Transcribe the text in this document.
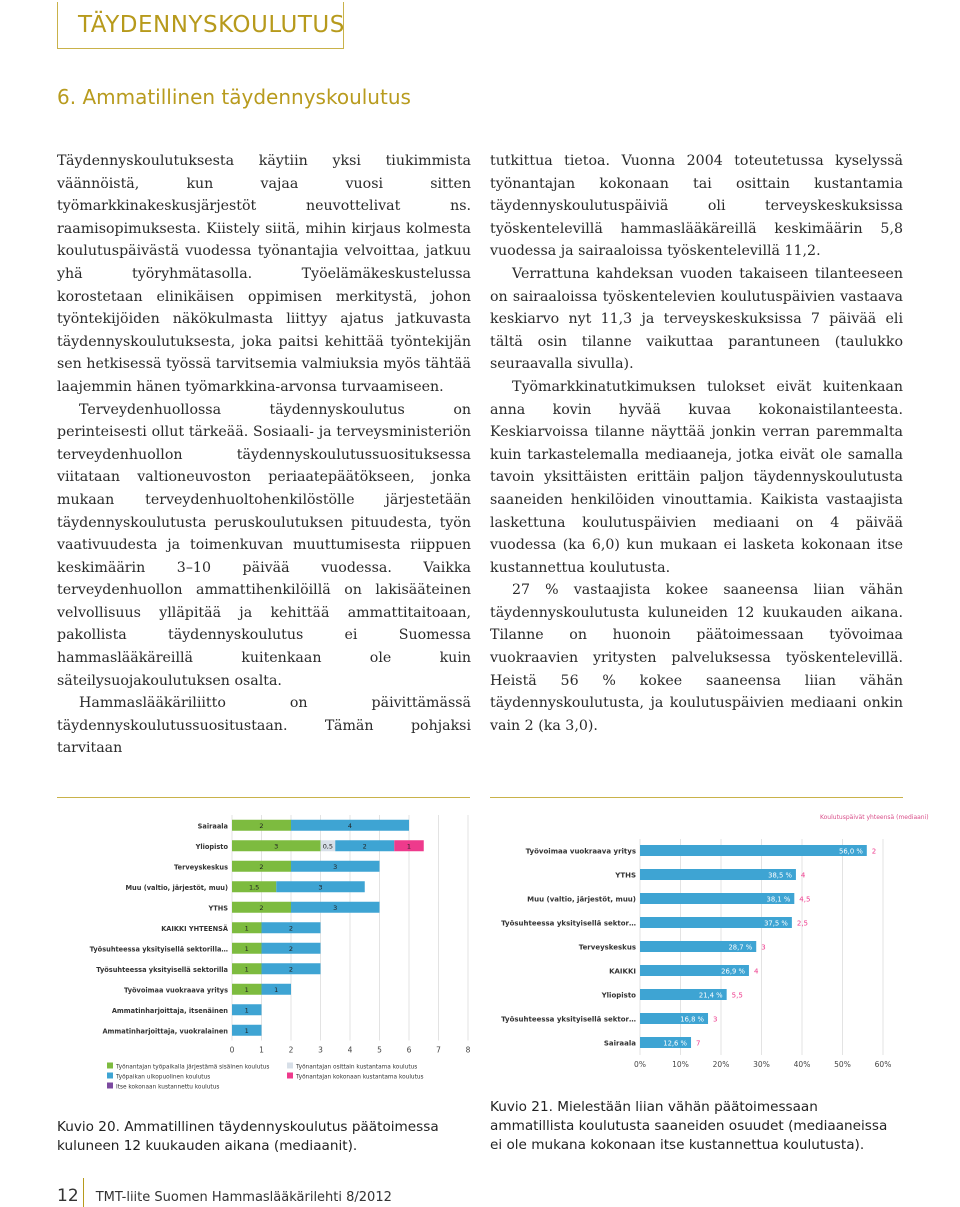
TÄYDENNYSKOULUTUS
6. Ammatillinen täydennyskoulutus

Täydennyskoulutuksesta käytiin yksi tiukimmista väännöistä, kun vajaa vuosi sitten työmarkkinakeskusjärjestöt neuvottelivat ns. raamisopimuksesta. Kiistely siitä, mihin kirjaus kolmesta koulutuspäivästä vuodessa työnantajia velvoittaa, jatkuu yhä työryhmätasolla. Työelämäkeskustelussa korostetaan elinikäisen oppimisen merkitystä, johon työntekijöiden näkökulmasta liittyy ajatus jatkuvasta täydennyskoulutuksesta, joka paitsi kehittää työntekijän sen hetkisessä työssä tarvitsemia valmiuksia myös tähtää laajemmin hänen työmarkkina-arvonsa turvaamiseen.

Terveydenhuollossa täydennyskoulutus on perinteisesti ollut tärkeää. Sosiaali- ja terveysministeriön terveydenhuollon täydennyskoulutussuosituksessa viitataan valtioneuvoston periaatepäätökseen, jonka mukaan terveydenhuoltohenkilöstölle järjestetään täydennyskoulutusta peruskoulutuksen pituudesta, työn vaativuudesta ja toimenkuvan muuttumisesta riippuen keskimäärin 3–10 päivää vuodessa. Vaikka terveydenhuollon ammattihenkilöillä on lakisääteinen velvollisuus ylläpitää ja kehittää ammattitaitoaan, pakollista täydennyskoulutus ei Suomessa hammaslääkäreillä kuitenkaan ole kuin säteilysuojakoulutuksen osalta.

Hammaslääkäriliitto on päivittämässä täydennyskoulutussuositustaan. Tämän pohjaksi tarvitaan

tutkittua tietoa. Vuonna 2004 toteutetussa kyselyssä työnantajan kokonaan tai osittain kustantamia täydennyskoulutuspäiviä oli terveyskeskuksissa työskentelevillä hammaslääkäreillä keskimäärin 5,8 vuodessa ja sairaaloissa työskentelevillä 11,2.

Verrattuna kahdeksan vuoden takaiseen tilanteeseen on sairaaloissa työskentelevien koulutuspäivien vastaava keskiarvo nyt 11,3 ja terveyskeskuksissa 7 päivää eli tältä osin tilanne vaikuttaa parantuneen (taulukko seuraavalla sivulla).

Työmarkkinatutkimuksen tulokset eivät kuitenkaan anna kovin hyvää kuvaa kokonaistilanteesta. Keskiarvoissa tilanne näyttää jonkin verran paremmalta kuin tarkastelemalla mediaaneja, jotka eivät ole samalla tavoin yksittäisten erittäin paljon täydennyskoulutusta saaneiden henkilöiden vinouttamia. Kaikista vastaajista laskettuna koulutuspäivien mediaani on 4 päivää vuodessa (ka 6,0) kun mukaan ei lasketa kokonaan itse kustannettua koulutusta.

27 % vastaajista kokee saaneensa liian vähän täydennyskoulutusta kuluneiden 12 kuukauden aikana. Tilanne on huonoin päätoimessaan työvoimaa vuokraavien yritysten palveluksessa työskentelevillä. Heistä 56 % kokee saaneensa liian vähän täydennyskoulutusta, ja koulutuspäivien mediaani onkin vain 2 (ka 3,0).

0	1	2	3	4	5	6	7	8
Sairaala	2	4
Yliopisto	3	0,5	2	1
Terveyskeskus	2	3
Muu (valtio, järjestöt, muu)	1,5	3
YTHS	2	3
KAIKKI YHTEENSÄ	1	2
Työsuhteessa yksityisellä sektorilla…	1	2
Työsuhteessa yksityisellä sektorilla	1	2
Työvoimaa vuokraava yritys	1	1
Ammatinharjoittaja, itsenäinen	1
Ammatinharjoittaja, vuokralainen	1
Työnantajan työpaikalla järjestämä sisäinen koulutus	Työnantajan osittain kustantama koulutus
Työpaikan ulkopuolinen koulutus	Työnantajan kokonaan kustantama koulutus
Itse kokonaan kustannettu koulutus
0%	10%	20%	30%	40%	50%	60%
Koulutuspäivät yhteensä (mediaani)
Työvoimaa vuokraava yritys	56,0 % 2
YTHS	38,5 % 4
Muu (valtio, järjestöt, muu)	38,1 % 4,5
Työsuhteessa yksityisellä sektor…	37,5 % 2,5
Terveyskeskus	28,7 % 3
KAIKKI	26,9 % 4
Yliopisto	21,4 % 5,5
Työsuhteessa yksityisellä sektor…	16,8 % 3
Sairaala	12,6 % 7
Kuvio 20. Ammatillinen täydennyskoulutus päätoimessa kuluneen 12 kuukauden aikana (mediaanit).
Kuvio 21. Mielestään liian vähän päätoimessaan ammatillista koulutusta saaneiden osuudet (mediaaneissa ei ole mukana kokonaan itse kustannettua koulutusta).
12 TMT-liite Suomen Hammaslääkärilehti 8/2012
